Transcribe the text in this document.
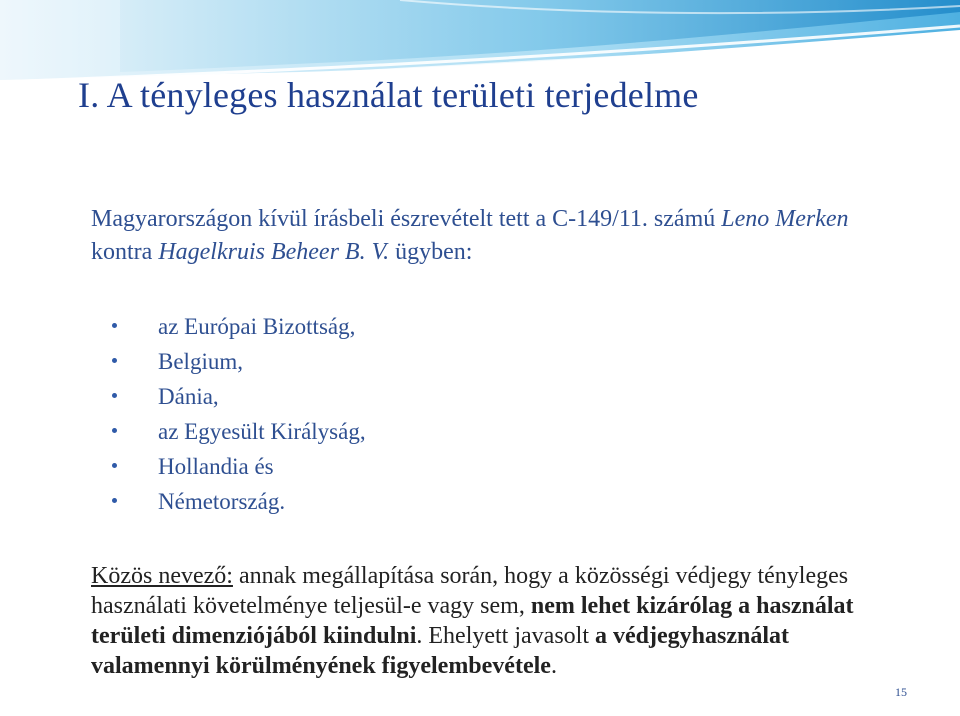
I. A tényleges használat területi terjedelme
Magyarországon kívül írásbeli észrevételt tett a C-149/11. számú Leno Merken kontra Hagelkruis Beheer B. V. ügyben:
az Európai Bizottság,
Belgium,
Dánia,
az Egyesült Királyság,
Hollandia és
Németország.
Közös nevező: annak megállapítása során, hogy a közösségi védjegy tényleges használati követelménye teljesül-e vagy sem, nem lehet kizárólag a használat területi dimenziójából kiindulni. Ehelyett javasolt a védjegyhasználat valamennyi körülményének figyelembevétele.
15
